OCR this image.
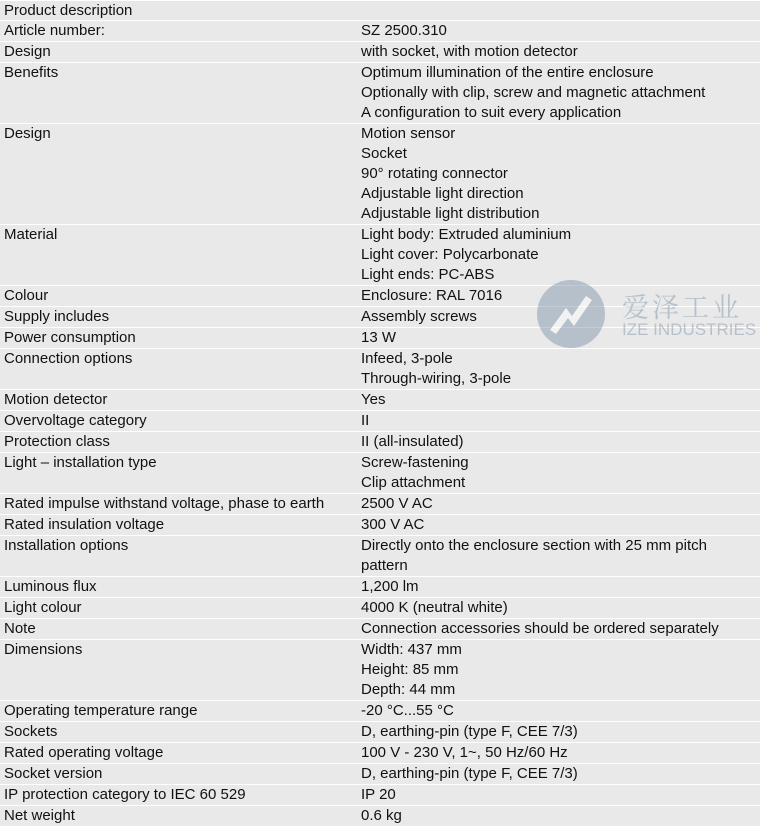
Product description
Article number:	SZ 2500.310
Design	with socket, with motion detector
Benefits	Optimum illumination of the entire enclosure
Optionally with clip, screw and magnetic attachment
A configuration to suit every application
Design	Motion sensor
Socket
90° rotating connector
Adjustable light direction
Adjustable light distribution
Material	Light body: Extruded aluminium
Light cover: Polycarbonate
Light ends: PC-ABS
Colour	Enclosure: RAL 7016
Supply includes	Assembly screws
Power consumption	13 W
Connection options	Infeed, 3-pole
Through-wiring, 3-pole
Motion detector	Yes
Overvoltage category	II
Protection class	II (all-insulated)
Light – installation type	Screw-fastening
Clip attachment
Rated impulse withstand voltage, phase to earth	2500 V AC
Rated insulation voltage	300 V AC
Installation options	Directly onto the enclosure section with 25 mm pitch
pattern
Luminous flux	1,200 lm
Light colour	4000 K (neutral white)
Note	Connection accessories should be ordered separately
Dimensions	Width: 437 mm
Height: 85 mm
Depth: 44 mm
Operating temperature range	-20 °C...55 °C
Sockets	D, earthing-pin (type F, CEE 7/3)
Rated operating voltage	100 V - 230 V, 1~, 50 Hz/60 Hz
Socket version	D, earthing-pin (type F, CEE 7/3)
IP protection category to IEC 60 529	IP 20
Net weight	0.6 kg
爱泽工业
IZE INDUSTRIES
